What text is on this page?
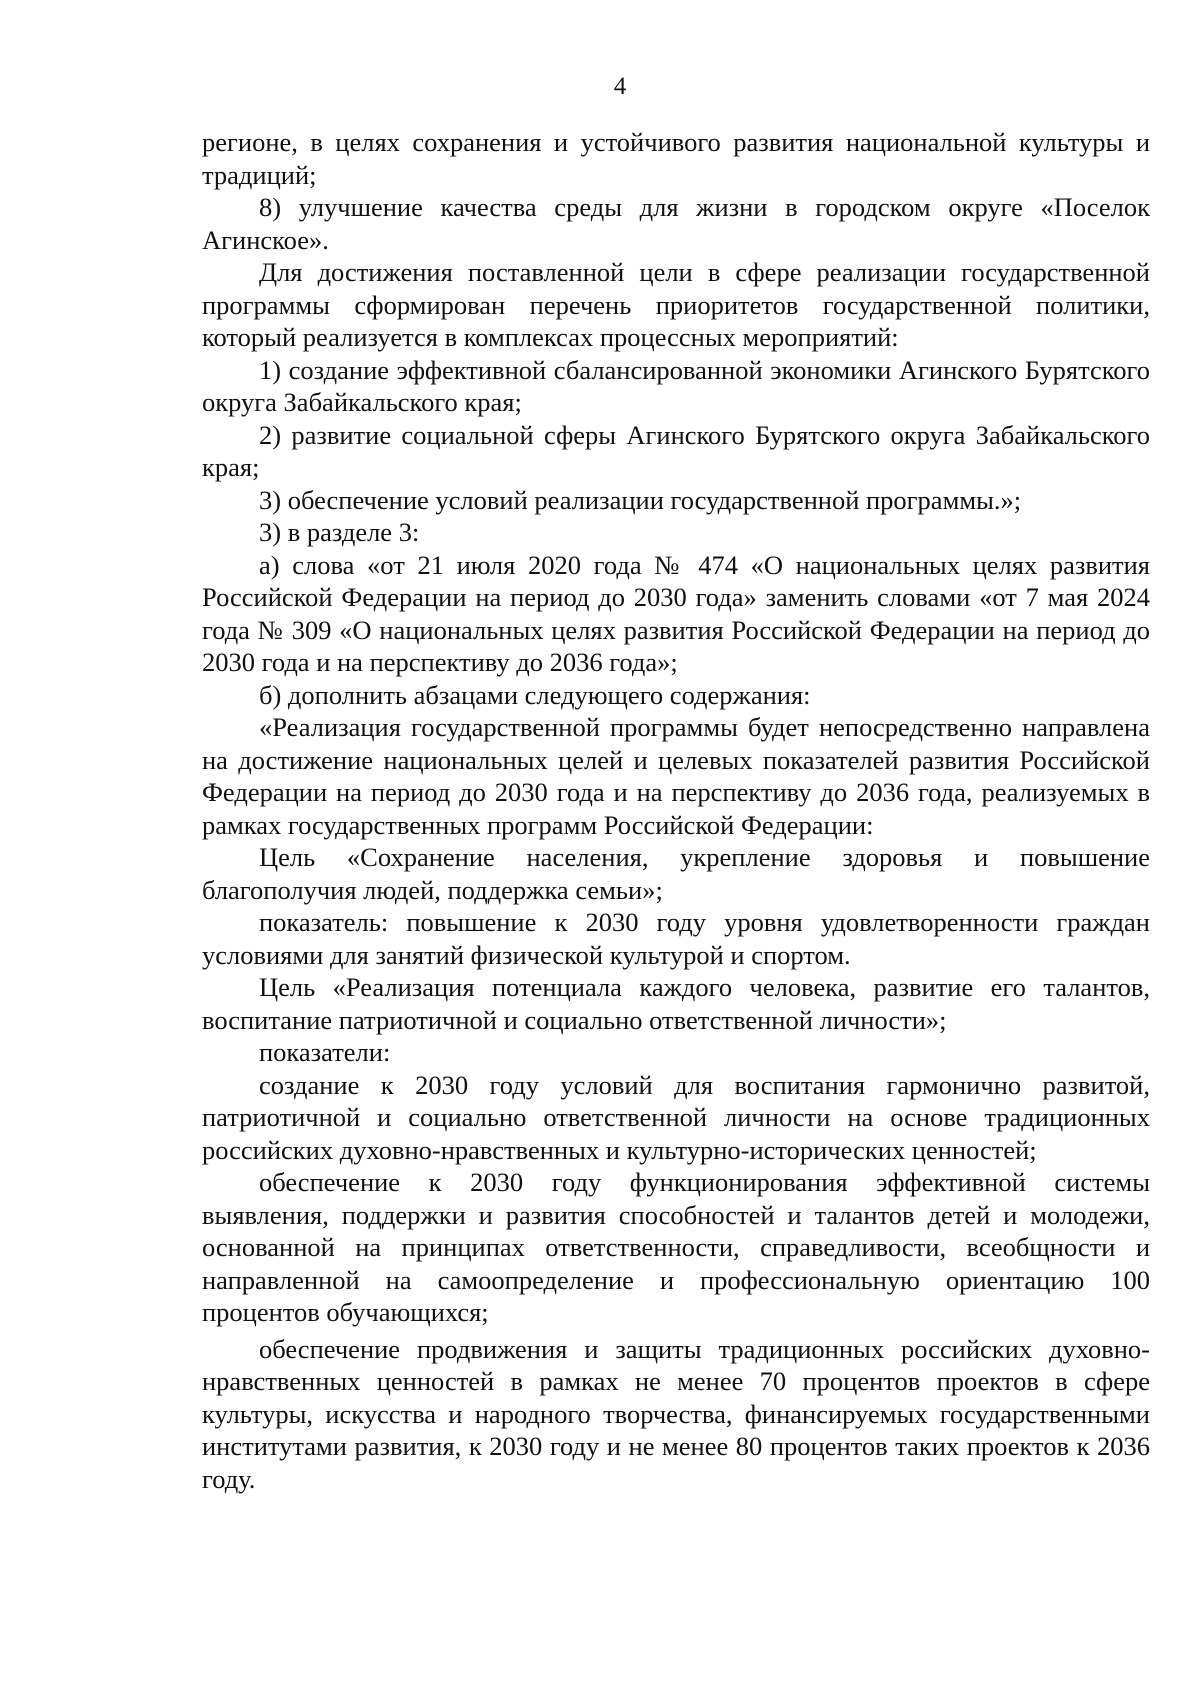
4

регионе, в целях сохранения и устойчивого развития национальной культуры и традиций;

8) улучшение качества среды для жизни в городском округе «Поселок Агинское».

Для достижения поставленной цели в сфере реализации государственной программы сформирован перечень приоритетов государственной политики, который реализуется в комплексах процессных мероприятий:

1) создание эффективной сбалансированной экономики Агинского Бурятского округа Забайкальского края;

2) развитие социальной сферы Агинского Бурятского округа Забайкальского края;

3) обеспечение условий реализации государственной программы.»;

3) в разделе 3:

а) слова «от 21 июля 2020 года № 474 «О национальных целях развития Российской Федерации на период до 2030 года» заменить словами «от 7 мая 2024 года № 309 «О национальных целях развития Российской Федерации на период до 2030 года и на перспективу до 2036 года»;

б) дополнить абзацами следующего содержания:

«Реализация государственной программы будет непосредственно направлена на достижение национальных целей и целевых показателей развития Российской Федерации на период до 2030 года и на перспективу до 2036 года, реализуемых в рамках государственных программ Российской Федерации:

Цель «Сохранение населения, укрепление здоровья и повышение благополучия людей, поддержка семьи»;

показатель: повышение к 2030 году уровня удовлетворенности граждан условиями для занятий физической культурой и спортом.

Цель «Реализация потенциала каждого человека, развитие его талантов, воспитание патриотичной и социально ответственной личности»;

показатели:

создание к 2030 году условий для воспитания гармонично развитой, патриотичной и социально ответственной личности на основе традиционных российских духовно-нравственных и культурно-исторических ценностей;

обеспечение к 2030 году функционирования эффективной системы выявления, поддержки и развития способностей и талантов детей и молодежи, основанной на принципах ответственности, справедливости, всеобщности и направленной на самоопределение и профессиональную ориентацию 100 процентов обучающихся;

обеспечение продвижения и защиты традиционных российских духовно-нравственных ценностей в рамках не менее 70 процентов проектов в сфере культуры, искусства и народного творчества, финансируемых государственными институтами развития, к 2030 году и не менее 80 процентов таких проектов к 2036 году.
